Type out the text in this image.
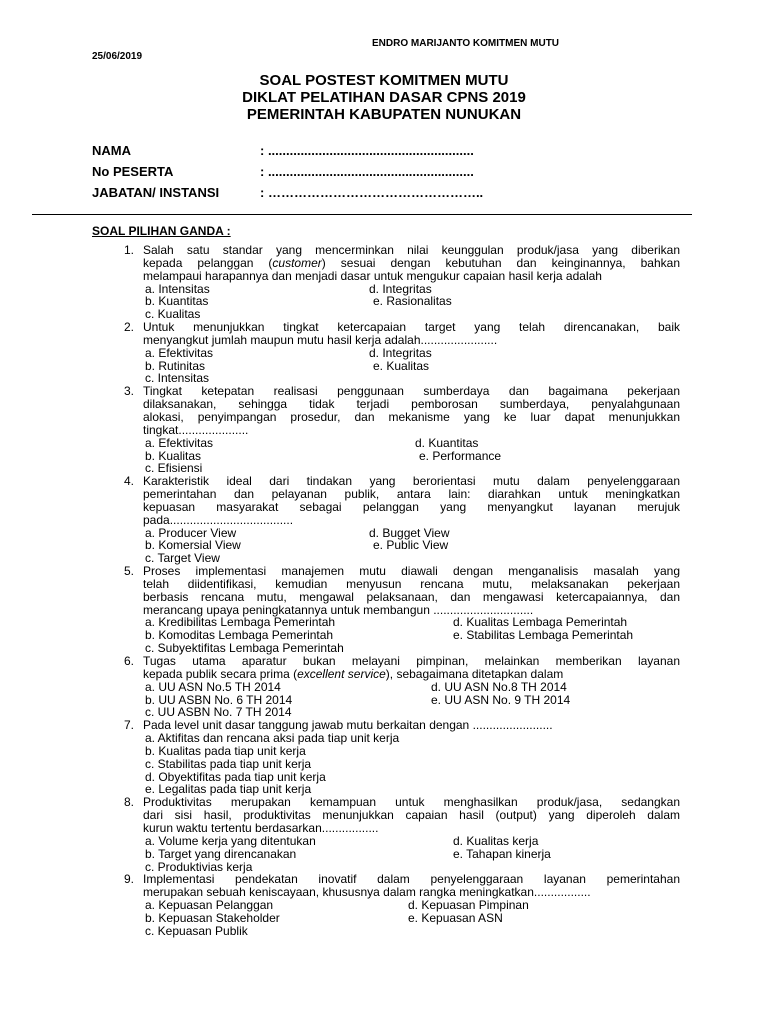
ENDRO MARIJANTO KOMITMEN MUTU
25/06/2019
SOAL POSTEST KOMITMEN MUTU
DIKLAT PELATIHAN DASAR CPNS 2019
PEMERINTAH KABUPATEN NUNUKAN
NAMA	: .........................................................
No PESERTA	: .........................................................
JABATAN/ INSTANSI	: …………………………………………..
SOAL PILIHAN GANDA :
1. Salah satu standar yang mencerminkan nilai keunggulan produk/jasa yang diberikan
kepada pelanggan (customer) sesuai dengan kebutuhan dan keinginannya, bahkan
melampaui harapannya dan menjadi dasar untuk mengukur capaian hasil kerja adalah
a. Intensitas	d. Integritas
b. Kuantitas	e. Rasionalitas
c. Kualitas
2. Untuk menunjukkan tingkat ketercapaian target yang telah direncanakan, baik
menyangkut jumlah maupun mutu hasil kerja adalah.......................
a. Efektivitas	d. Integritas
b. Rutinitas	e. Kualitas
c. Intensitas
3. Tingkat ketepatan realisasi penggunaan sumberdaya dan bagaimana pekerjaan
dilaksanakan, sehingga tidak terjadi pemborosan sumberdaya, penyalahgunaan
alokasi, penyimpangan prosedur, dan mekanisme yang ke luar dapat menunjukkan
tingkat.....................
a. Efektivitas	d. Kuantitas
b. Kualitas	e. Performance
c. Efisiensi
4. Karakteristik ideal dari tindakan yang berorientasi mutu dalam penyelenggaraan
pemerintahan dan pelayanan publik, antara lain: diarahkan untuk meningkatkan
kepuasan masyarakat sebagai pelanggan yang menyangkut layanan merujuk
pada.....................................
a. Producer View	d. Bugget View
b. Komersial View	e. Public View
c. Target View
5. Proses implementasi manajemen mutu diawali dengan menganalisis masalah yang
telah diidentifikasi, kemudian menyusun rencana mutu, melaksanakan pekerjaan
berbasis rencana mutu, mengawal pelaksanaan, dan mengawasi ketercapaiannya, dan
merancang upaya peningkatannya untuk membangun ..............................
a. Kredibilitas Lembaga Pemerintah	d. Kualitas Lembaga Pemerintah
b. Komoditas Lembaga Pemerintah	e. Stabilitas Lembaga Pemerintah
c. Subyektifitas Lembaga Pemerintah
6. Tugas utama aparatur bukan melayani pimpinan, melainkan memberikan layanan
kepada publik secara prima (excellent service), sebagaimana ditetapkan dalam
a. UU ASN No.5 TH 2014	d. UU ASN No.8 TH 2014
b. UU ASBN No. 6 TH 2014	e. UU ASN No. 9 TH 2014
c. UU ASBN No. 7 TH 2014
7. Pada level unit dasar tanggung jawab mutu berkaitan dengan ........................
a. Aktifitas dan rencana aksi pada tiap unit kerja
b. Kualitas pada tiap unit kerja
c. Stabilitas pada tiap unit kerja
d. Obyektifitas pada tiap unit kerja
e. Legalitas pada tiap unit kerja
8. Produktivitas merupakan kemampuan untuk menghasilkan produk/jasa, sedangkan
dari sisi hasil, produktivitas menunjukkan capaian hasil (output) yang diperoleh dalam
kurun waktu tertentu berdasarkan.................
a. Volume kerja yang ditentukan	d. Kualitas kerja
b. Target yang direncanakan	e. Tahapan kinerja
c. Produktivias kerja
9. Implementasi pendekatan inovatif dalam penyelenggaraan layanan pemerintahan
merupakan sebuah keniscayaan, khususnya dalam rangka meningkatkan.................
a. Kepuasan Pelanggan	d. Kepuasan Pimpinan
b. Kepuasan Stakeholder	e. Kepuasan ASN
c. Kepuasan Publik
